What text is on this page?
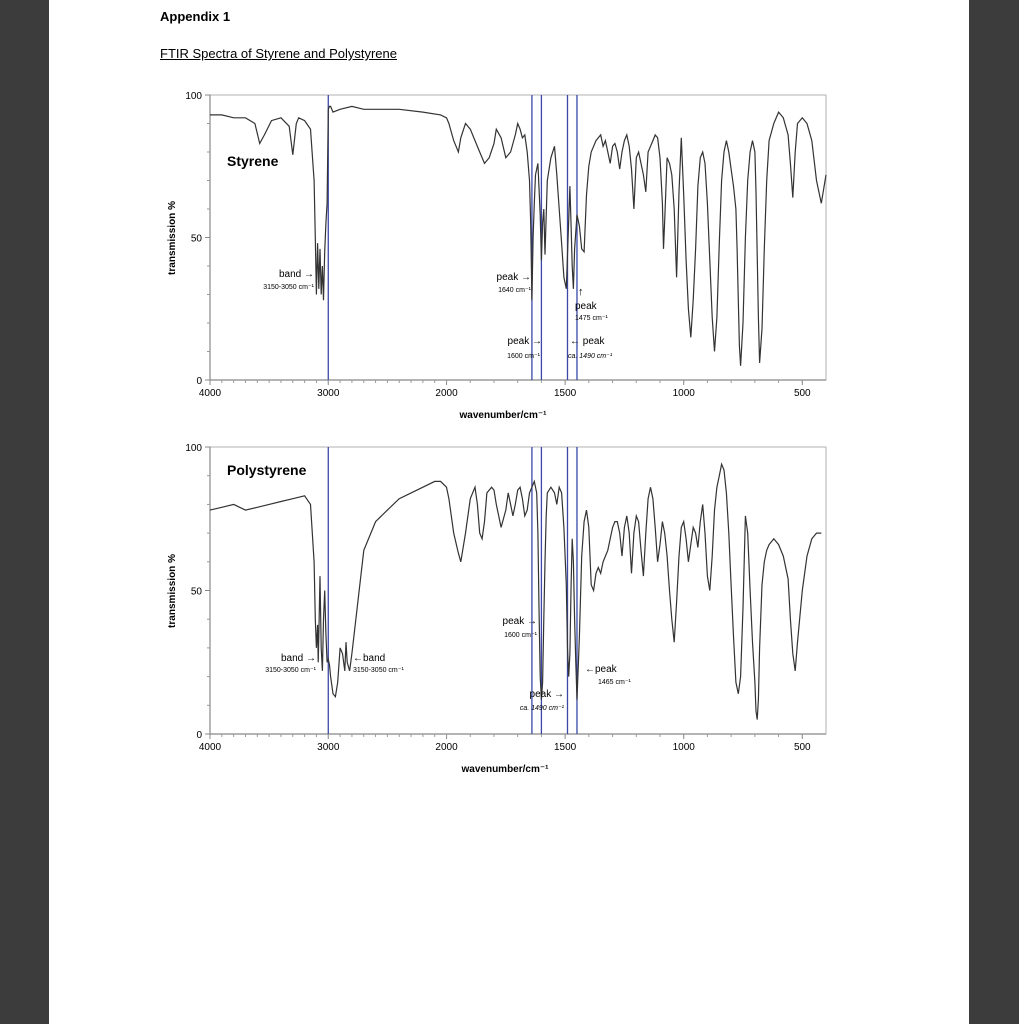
Appendix 1
FTIR Spectra of Styrene and Polystyrene
0
50
100
4000	3000	2000	1500	1000	500
Styrene
wavenumber/cm⁻¹
transmission %	band →
3150-3050 cm⁻¹
peak →
1640 cm⁻¹	↑
peak
1475 cm⁻¹
peak →
1600 cm⁻¹
← peak
ca. 1490 cm⁻¹
0
50
100
4000	3000	2000	1500	1000	500
Polystyrene
wavenumber/cm⁻¹
transmission %
band →
3150-3050 cm⁻¹
←band
3150-3050 cm⁻¹
peak →
1600 cm⁻¹
←peak
1465 cm⁻¹
peak →
ca. 1490 cm⁻¹
